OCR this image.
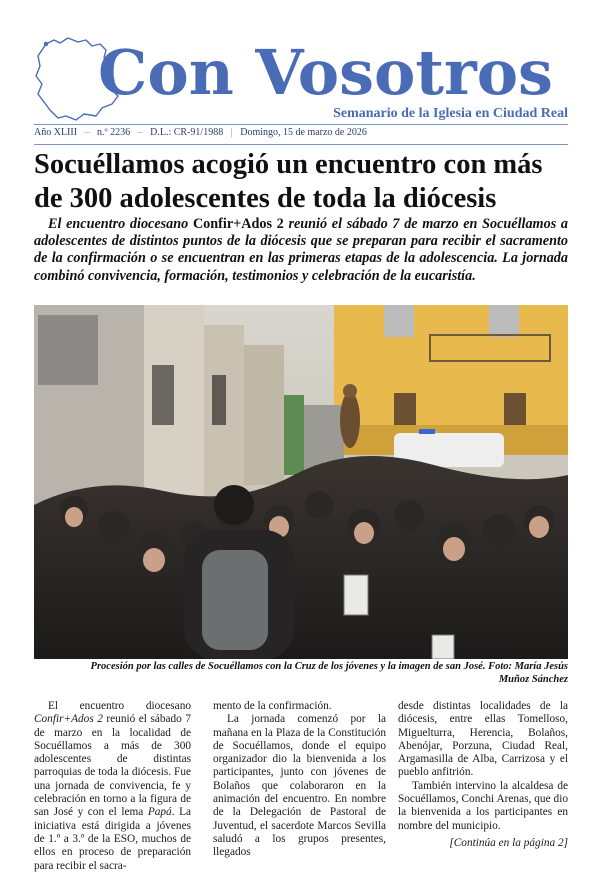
Con Vosotros
Semanario de la Iglesia en Ciudad Real
Año XLIII – n.º 2236 – D.L.: CR-91/1988 | Domingo, 15 de marzo de 2026
Socuéllamos acogió un encuentro con más de 300 adolescentes de toda la diócesis

El encuentro diocesano Confir+Ados 2 reunió el sábado 7 de marzo en Socuéllamos a adolescentes de distintos puntos de la diócesis que se preparan para recibir el sacramento de la confirmación o se encuentran en las primeras etapas de la adolescencia. La jornada combinó convivencia, formación, testimonios y celebración de la eucaristía.

Procesión por las calles de Socuéllamos con la Cruz de los jóvenes y la imagen de san José. Foto: María Jesús Muñoz Sánchez

El encuentro diocesano Confir+Ados 2 reunió el sábado 7 de marzo en la localidad de Socuéllamos a más de 300 adolescentes de distintas parroquias de toda la diócesis. Fue una jornada de convivencia, fe y celebración en torno a la figura de san José y con el lema Papá. La iniciativa está dirigida a jóvenes de 1.º a 3.º de la ESO, muchos de ellos en proceso de preparación para recibir el sacra-

mento de la confirmación.

La jornada comenzó por la mañana en la Plaza de la Constitución de Socuéllamos, donde el equipo organizador dio la bienvenida a los participantes, junto con jóvenes de Bolaños que colaboraron en la animación del encuentro. En nombre de la Delegación de Pastoral de Juventud, el sacerdote Marcos Sevilla saludó a los grupos presentes, llegados

desde distintas localidades de la diócesis, entre ellas Tomelloso, Miguelturra, Herencia, Bolaños, Abenójar, Porzuna, Ciudad Real, Argamasilla de Alba, Carrizosa y el pueblo anfitrión.

También intervino la alcaldesa de Socuéllamos, Conchi Arenas, que dio la bienvenida a los participantes en nombre del municipio.

[Continúa en la página 2]
